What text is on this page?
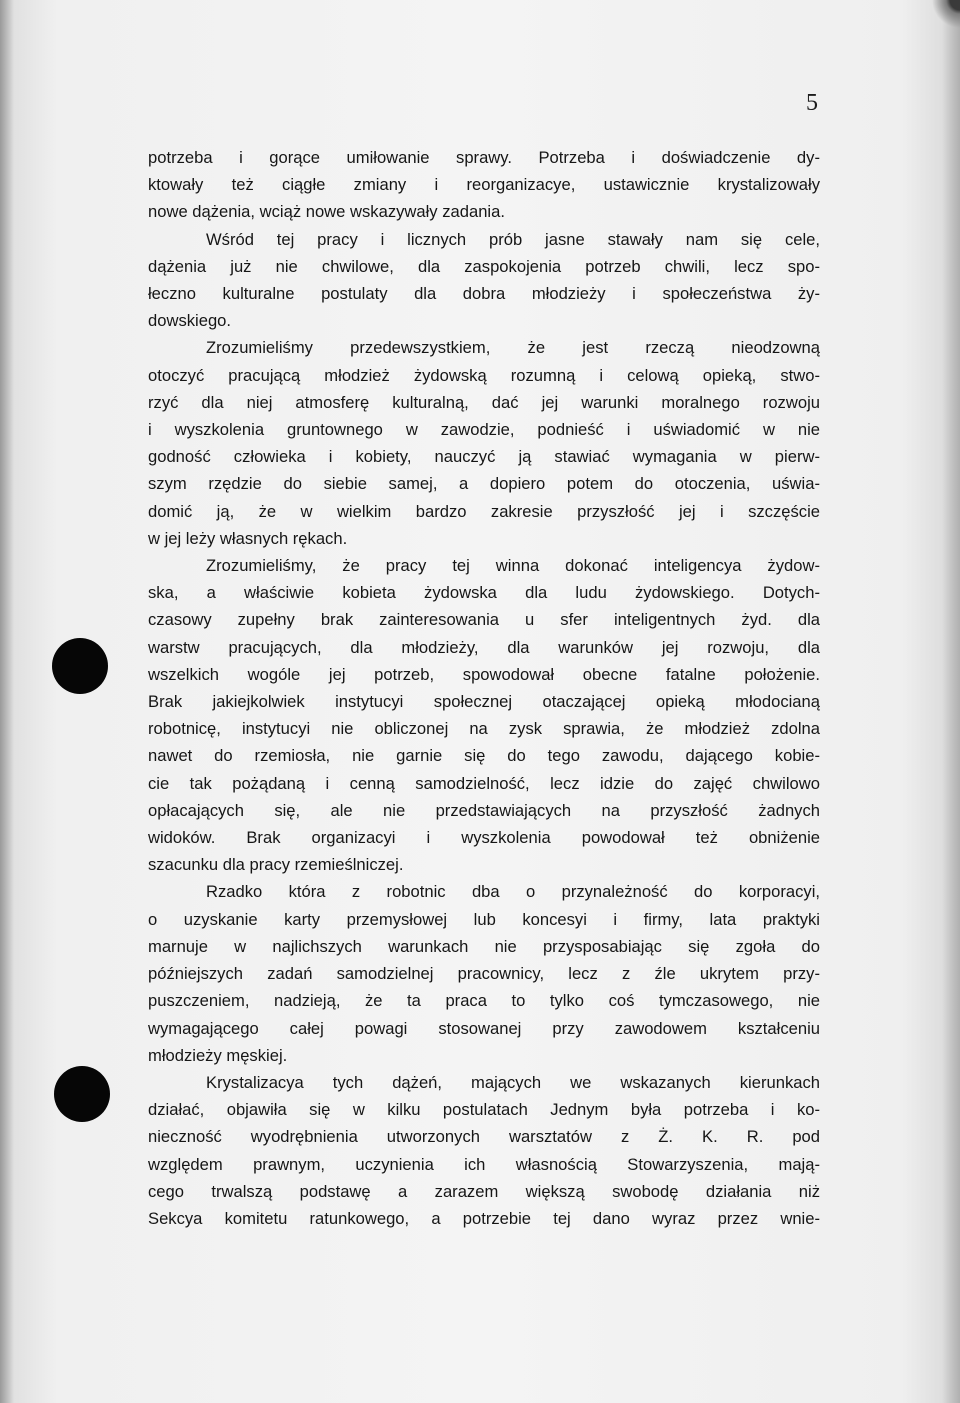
5

potrzeba i gorące umiłowanie sprawy. Potrzeba i doświadczenie dy-
ktowały też ciągłe zmiany i reorganizacye, ustawicznie krystalizowały
nowe dążenia, wciąż nowe wskazywały zadania.

Wśród tej pracy i licznych prób jasne stawały nam się cele,
dążenia już nie chwilowe, dla zaspokojenia potrzeb chwili, lecz spo-
łeczno kulturalne postulaty dla dobra młodzieży i społeczeństwa ży-
dowskiego.

Zrozumieliśmy przedewszystkiem, że jest rzeczą nieodzowną
otoczyć pracującą młodzież żydowską rozumną i celową opieką, stwo-
rzyć dla niej atmosferę kulturalną, dać jej warunki moralnego rozwoju
i wyszkolenia gruntownego w zawodzie, podnieść i uświadomić w nie
godność człowieka i kobiety, nauczyć ją stawiać wymagania w pierw-
szym rzędzie do siebie samej, a dopiero potem do otoczenia, uświa-
domić ją, że w wielkim bardzo zakresie przyszłość jej i szczęście
w jej leży własnych rękach.

Zrozumieliśmy, że pracy tej winna dokonać inteligencya żydow-
ska, a właściwie kobieta żydowska dla ludu żydowskiego. Dotych-
czasowy zupełny brak zainteresowania u sfer inteligentnych żyd. dla
warstw pracujących, dla młodzieży, dla warunków jej rozwoju, dla
wszelkich wogóle jej potrzeb, spowodował obecne fatalne położenie.
Brak jakiejkolwiek instytucyi społecznej otaczającej opieką młodocianą
robotnicę, instytucyi nie obliczonej na zysk sprawia, że młodzież zdolna
nawet do rzemiosła, nie garnie się do tego zawodu, dającego kobie-
cie tak pożądaną i cenną samodzielność, lecz idzie do zajęć chwilowo
opłacających się, ale nie przedstawiających na przyszłość żadnych
widoków. Brak organizacyi i wyszkolenia powodował też obniżenie
szacunku dla pracy rzemieślniczej.

Rzadko która z robotnic dba o przynależność do korporacyi,
o uzyskanie karty przemysłowej lub koncesyi i firmy, lata praktyki
marnuje w najlichszych warunkach nie przysposabiając się zgoła do
późniejszych zadań samodzielnej pracownicy, lecz z źle ukrytem przy-
puszczeniem, nadzieją, że ta praca to tylko coś tymczasowego, nie
wymagającego całej powagi stosowanej przy zawodowem kształceniu
młodzieży męskiej.

Krystalizacya tych dążeń, mających we wskazanych kierunkach
działać, objawiła się w kilku postulatach Jednym była potrzeba i ko-
nieczność wyodrębnienia utworzonych warsztatów z Ż. K. R. pod
względem prawnym, uczynienia ich własnością Stowarzyszenia, mają-
cego trwalszą podstawę a zarazem większą swobodę działania niż
Sekcya komitetu ratunkowego, a potrzebie tej dano wyraz przez wnie-
